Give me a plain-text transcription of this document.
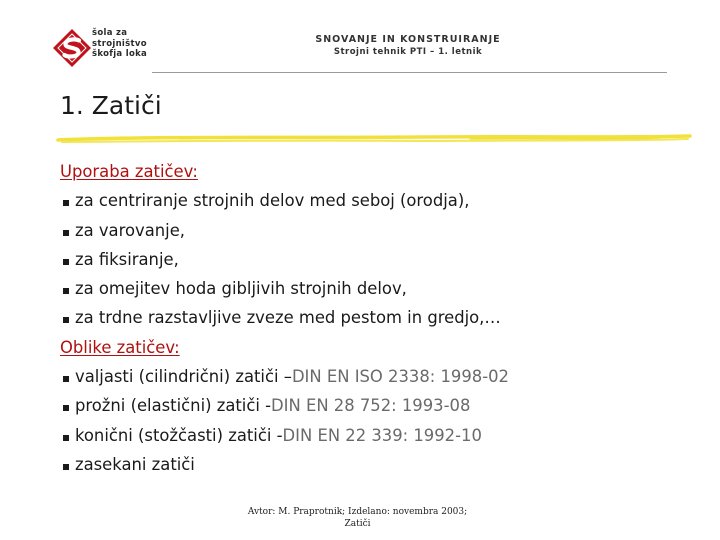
šola za
strojništvo
škofja loka
SNOVANJE IN KONSTRUIRANJE
Strojni tehnik PTI – 1. letnik
1. Zatiči
Uporaba zatičev:
za centriranje strojnih delov med seboj (orodja),
za varovanje,
za fiksiranje,
za omejitev hoda gibljivih strojnih delov,
za trdne razstavljive zveze med pestom in gredjo,…
Oblike zatičev:
valjasti (cilindrični) zatiči – DIN EN ISO 2338: 1998-02
prožni (elastični) zatiči - DIN EN 28 752: 1993-08
konični (stožčasti) zatiči - DIN EN 22 339: 1992-10
zasekani zatiči
Avtor: M. Praprotnik; Izdelano: novembra 2003;
Zatiči
